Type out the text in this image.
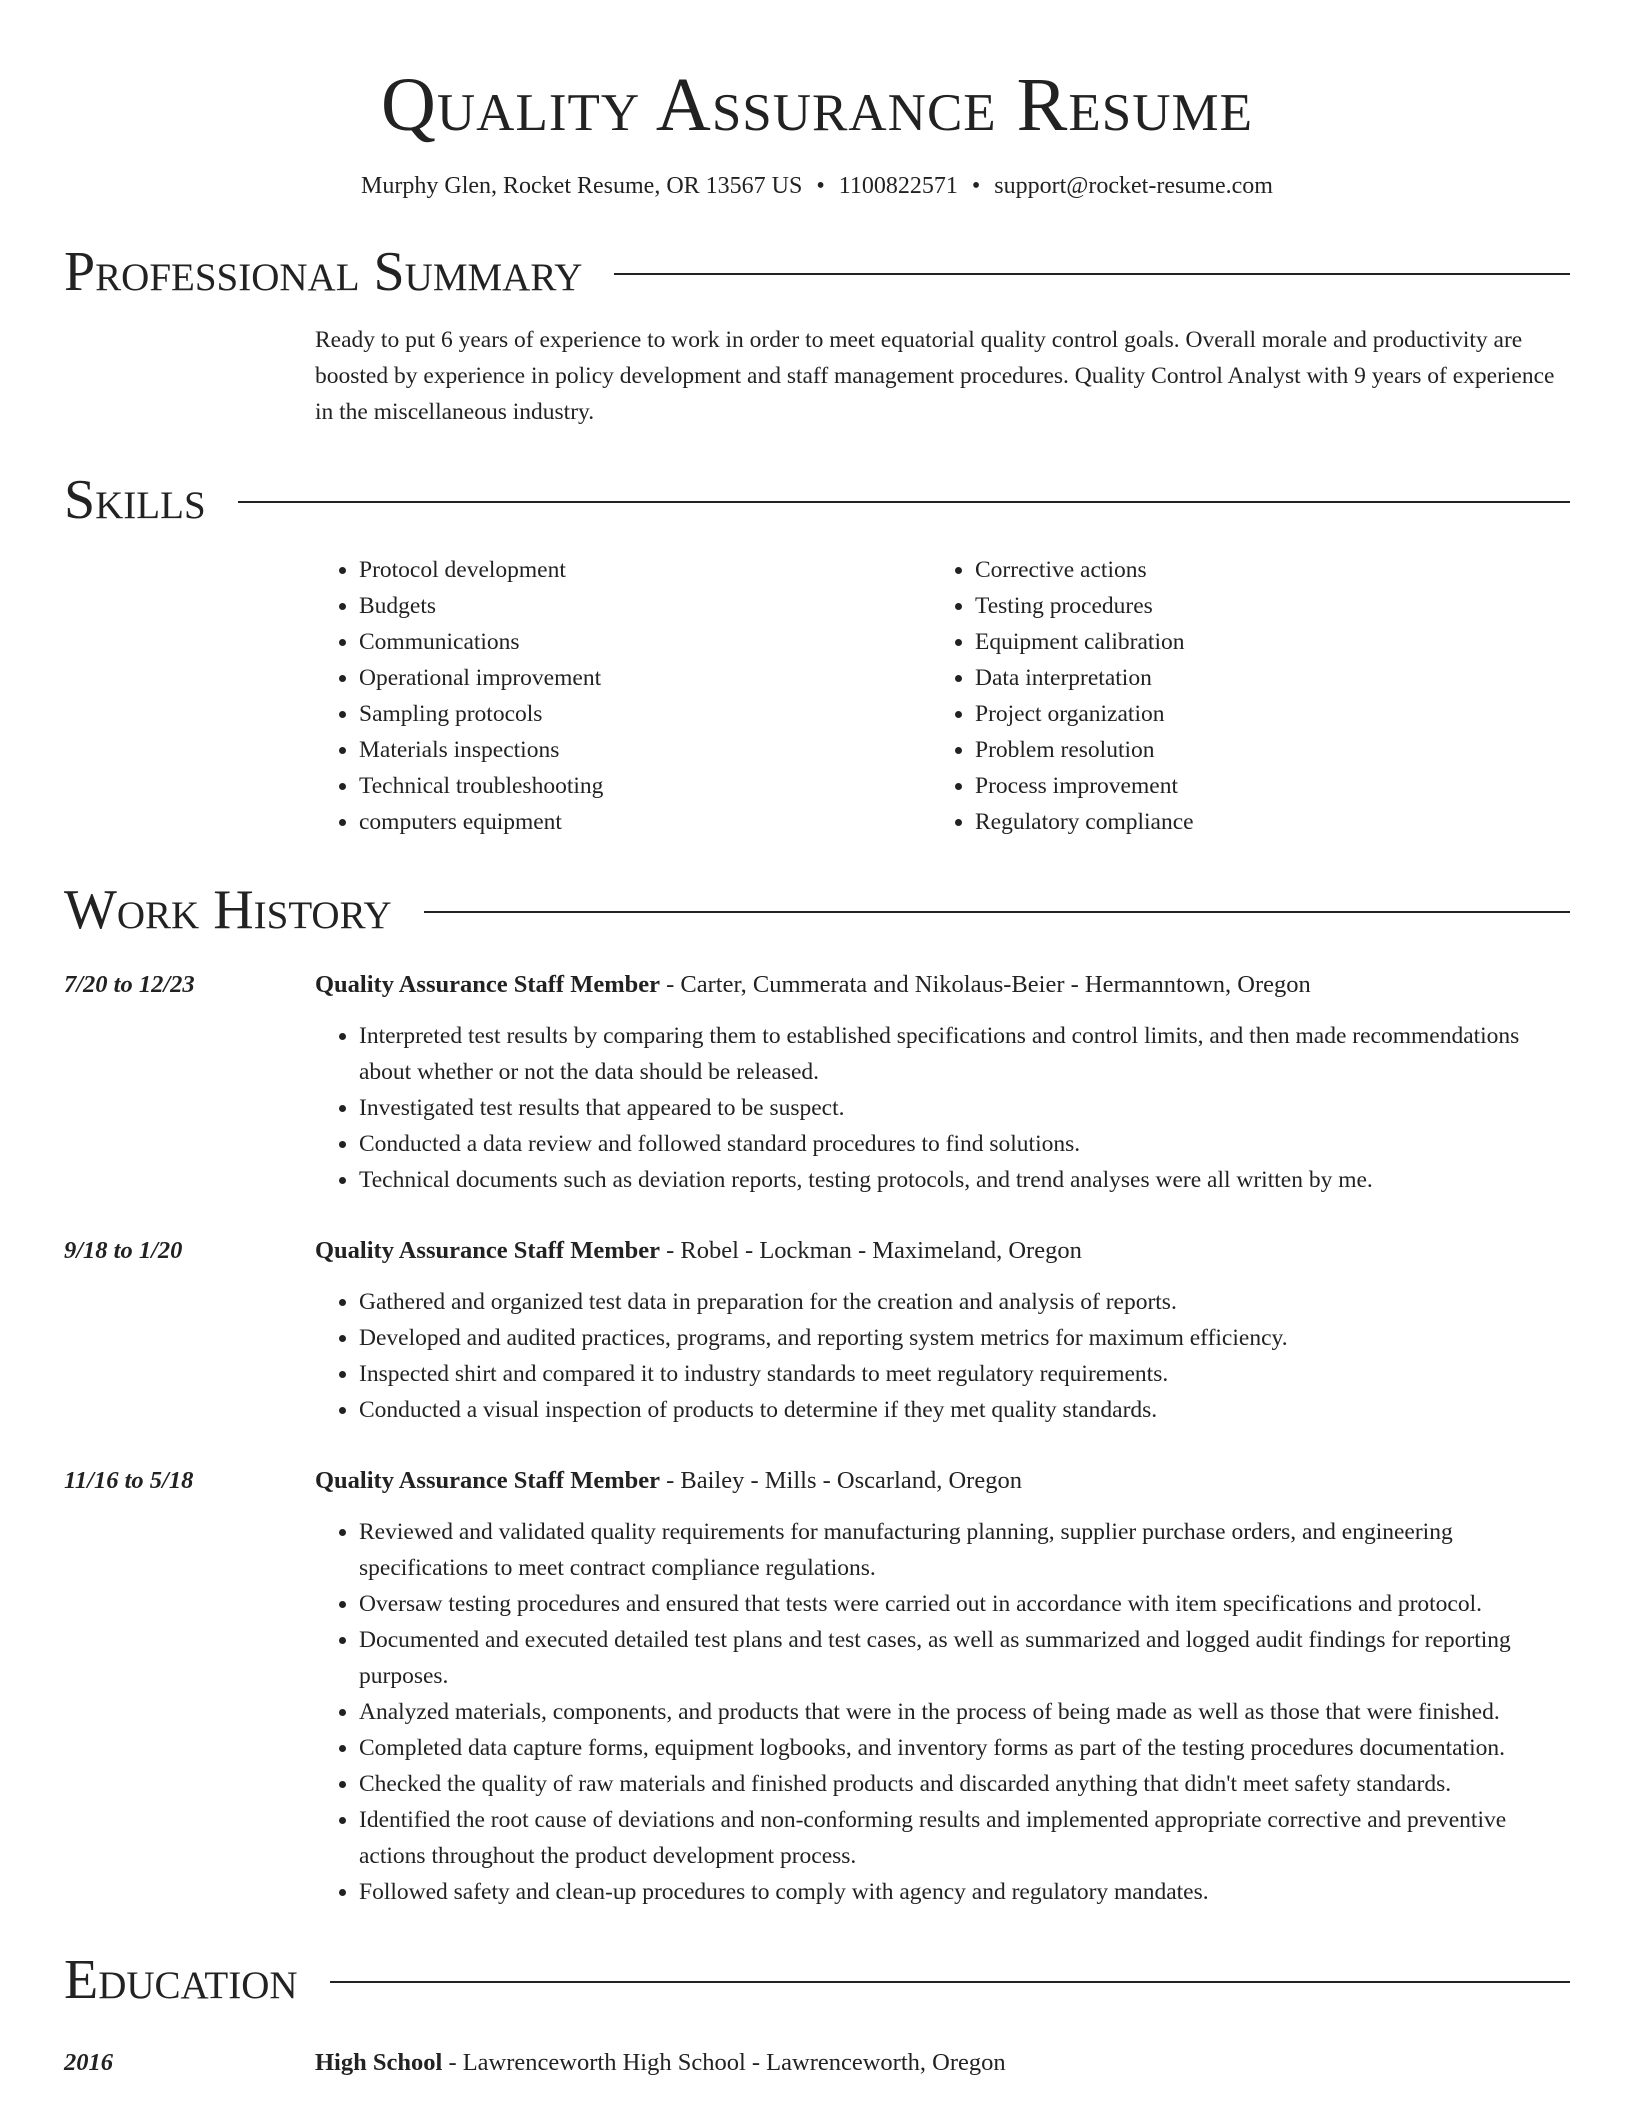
Quality Assurance Resume
Murphy Glen, Rocket Resume, OR 13567 US • 1100822571 • support@rocket-resume.com
Professional Summary
Ready to put 6 years of experience to work in order to meet equatorial quality control goals. Overall morale and productivity are boosted by experience in policy development and staff management procedures. Quality Control Analyst with 9 years of experience in the miscellaneous industry.
Skills
• Protocol development
• Budgets
• Communications
• Operational improvement
• Sampling protocols
• Materials inspections
• Technical troubleshooting
• computers equipment
• Corrective actions
• Testing procedures
• Equipment calibration
• Data interpretation
• Project organization
• Problem resolution
• Process improvement
• Regulatory compliance
Work History
7/20 to 12/23	Quality Assurance Staff Member - Carter, Cummerata and Nikolaus-Beier - Hermanntown, Oregon
• Interpreted test results by comparing them to established specifications and control limits, and then made recommendations about whether or not the data should be released.
• Investigated test results that appeared to be suspect.
• Conducted a data review and followed standard procedures to find solutions.
• Technical documents such as deviation reports, testing protocols, and trend analyses were all written by me.
9/18 to 1/20	Quality Assurance Staff Member - Robel - Lockman - Maximeland, Oregon
• Gathered and organized test data in preparation for the creation and analysis of reports.
• Developed and audited practices, programs, and reporting system metrics for maximum efficiency.
• Inspected shirt and compared it to industry standards to meet regulatory requirements.
• Conducted a visual inspection of products to determine if they met quality standards.
11/16 to 5/18	Quality Assurance Staff Member - Bailey - Mills - Oscarland, Oregon
• Reviewed and validated quality requirements for manufacturing planning, supplier purchase orders, and engineering specifications to meet contract compliance regulations.
• Oversaw testing procedures and ensured that tests were carried out in accordance with item specifications and protocol.
• Documented and executed detailed test plans and test cases, as well as summarized and logged audit findings for reporting purposes.
• Analyzed materials, components, and products that were in the process of being made as well as those that were finished.
• Completed data capture forms, equipment logbooks, and inventory forms as part of the testing procedures documentation.
• Checked the quality of raw materials and finished products and discarded anything that didn't meet safety standards.
• Identified the root cause of deviations and non-conforming results and implemented appropriate corrective and preventive actions throughout the product development process.
• Followed safety and clean-up procedures to comply with agency and regulatory mandates.
Education
2016	High School - Lawrenceworth High School - Lawrenceworth, Oregon
